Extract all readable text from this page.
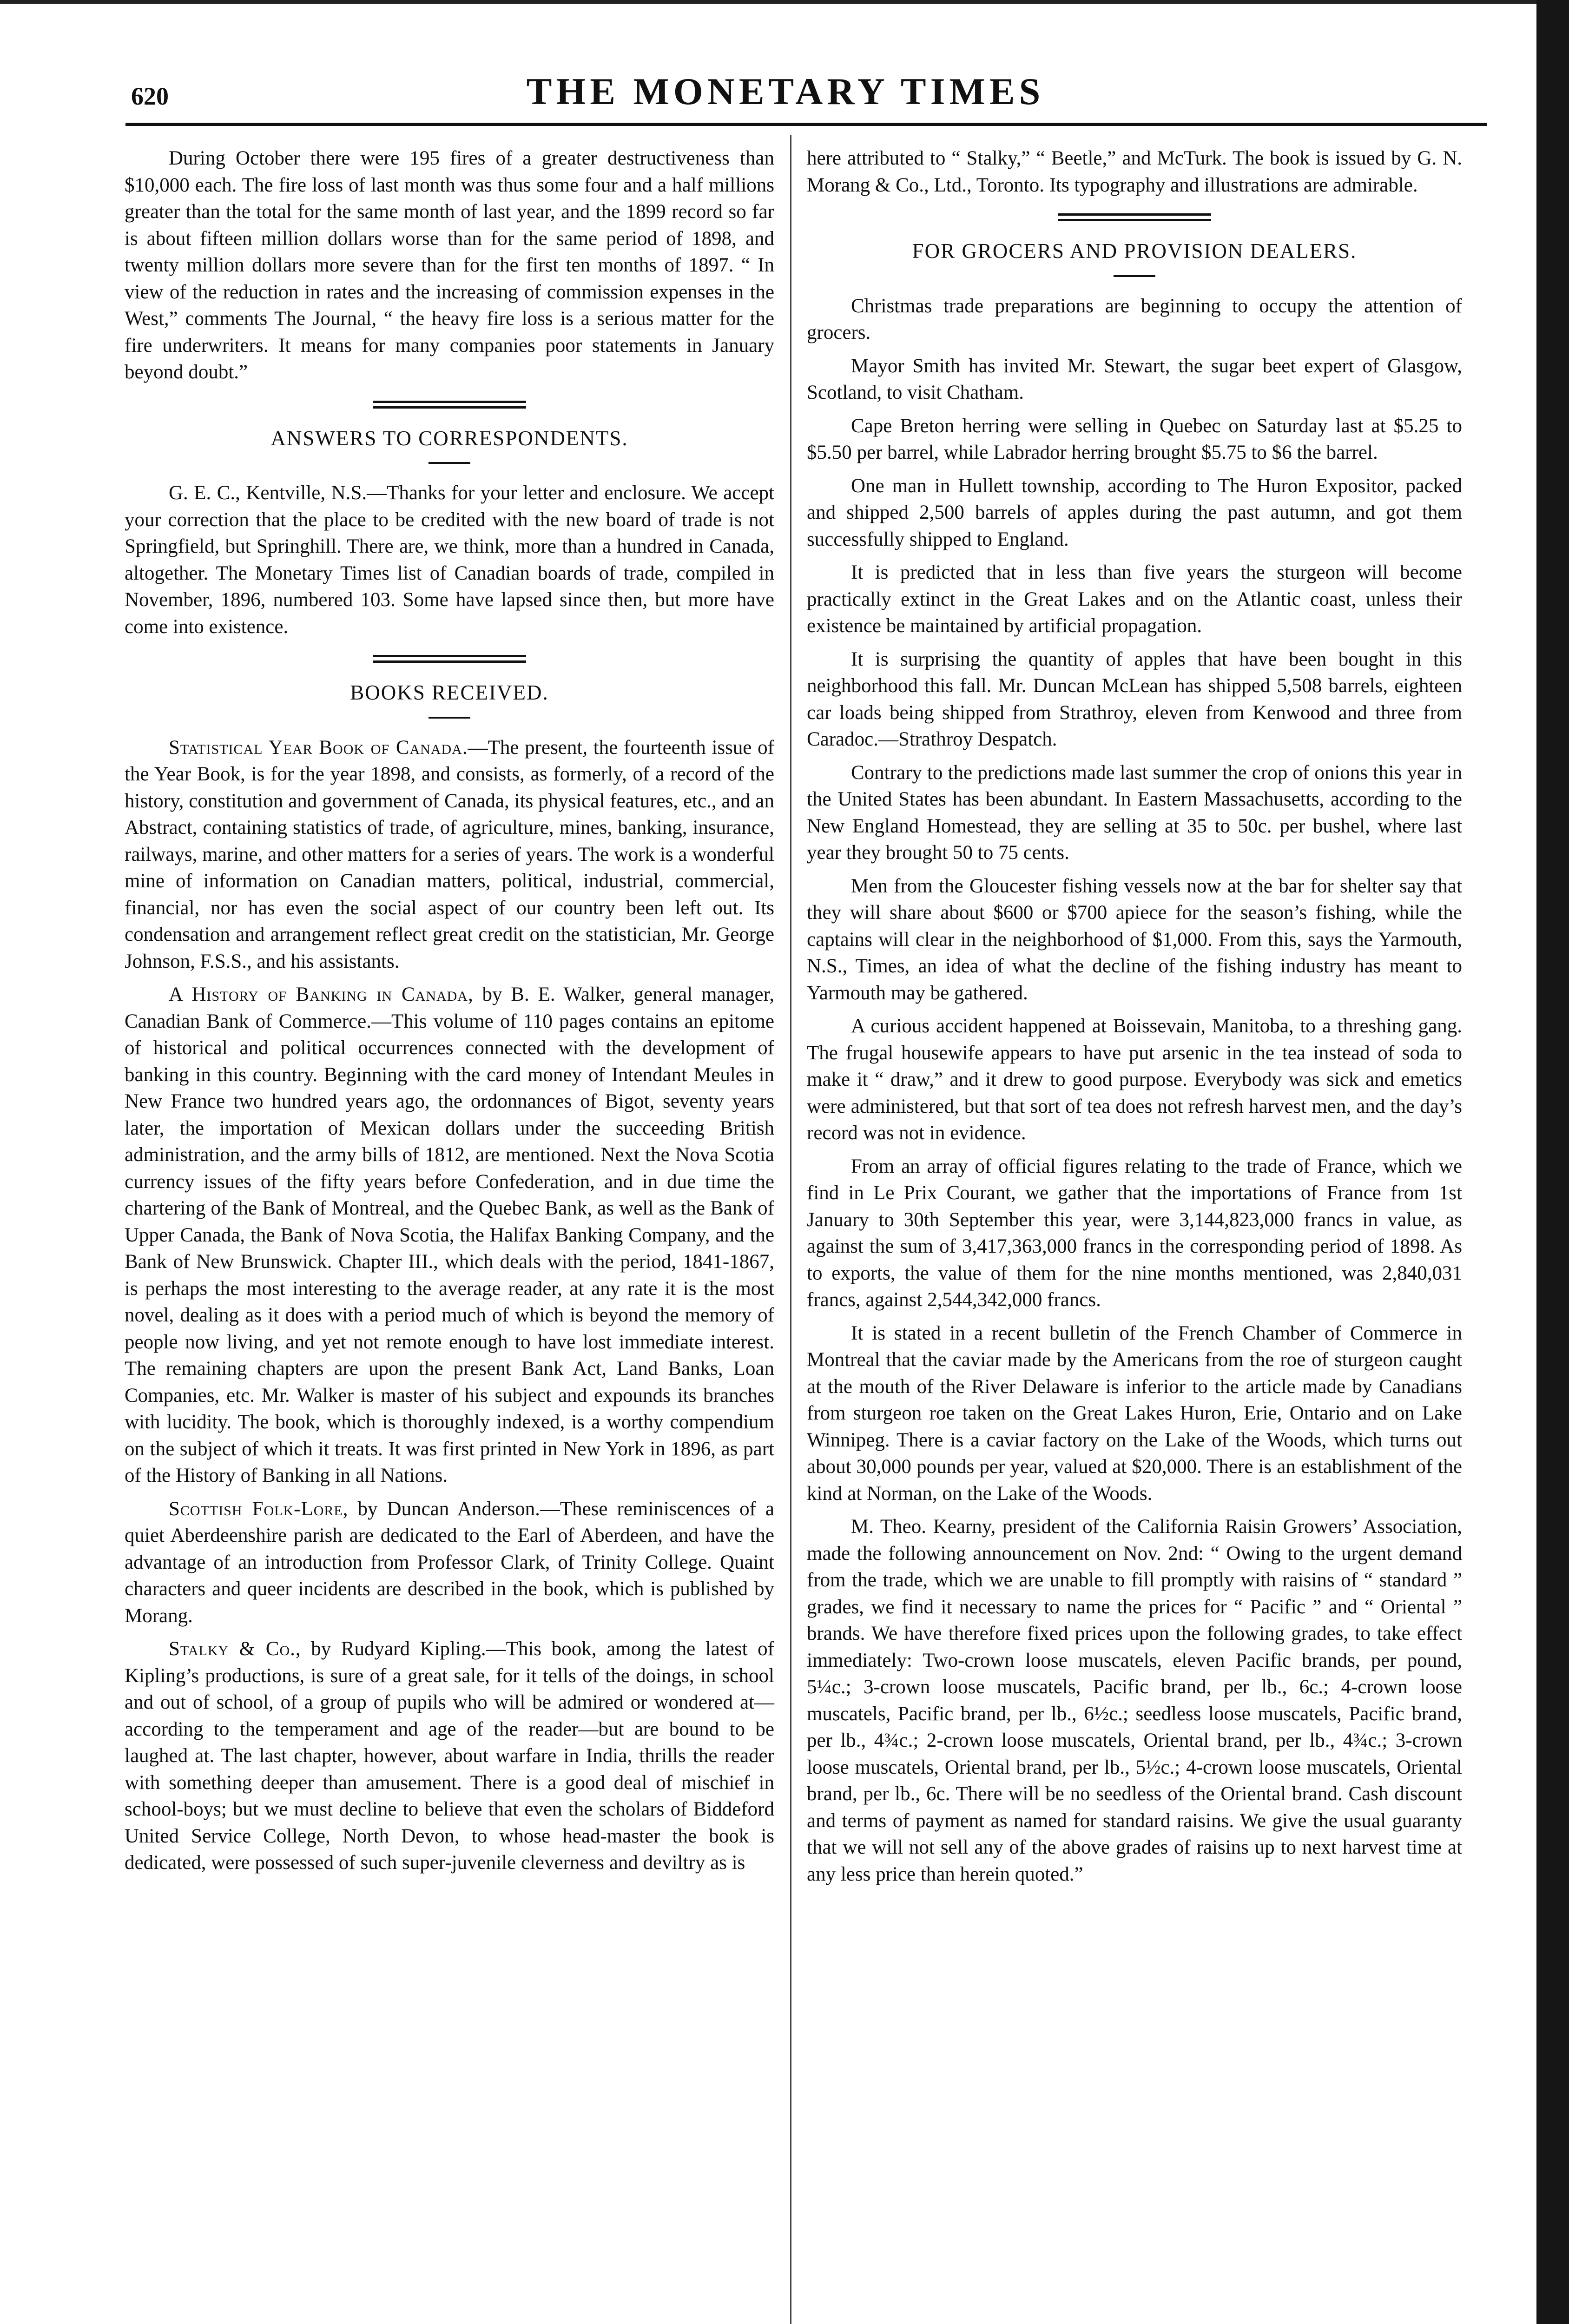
620	THE MONETARY TIMES

During October there were 195 fires of a greater destructiveness than $10,000 each. The fire loss of last month was thus some four and a half millions greater than the total for the same month of last year, and the 1899 record so far is about fifteen million dollars worse than for the same period of 1898, and twenty million dollars more severe than for the first ten months of 1897. “ In view of the reduction in rates and the increasing of commission expenses in the West,” comments The Journal, “ the heavy fire loss is a serious matter for the fire underwriters. It means for many companies poor statements in January beyond doubt.”

ANSWERS TO CORRESPONDENTS.

G. E. C., Kentville, N.S.—Thanks for your letter and enclosure. We accept your correction that the place to be credited with the new board of trade is not Springfield, but Springhill. There are, we think, more than a hundred in Canada, altogether. The Monetary Times list of Canadian boards of trade, compiled in November, 1896, numbered 103. Some have lapsed since then, but more have come into existence.

BOOKS RECEIVED.

Statistical Year Book of Canada.—The present, the fourteenth issue of the Year Book, is for the year 1898, and consists, as formerly, of a record of the history, constitution and government of Canada, its physical features, etc., and an Abstract, containing statistics of trade, of agriculture, mines, banking, insurance, railways, marine, and other matters for a series of years. The work is a wonderful mine of information on Canadian matters, political, industrial, commercial, financial, nor has even the social aspect of our country been left out. Its condensation and arrangement reflect great credit on the statistician, Mr. George Johnson, F.S.S., and his assistants.

A History of Banking in Canada, by B. E. Walker, general manager, Canadian Bank of Commerce.—This volume of 110 pages contains an epitome of historical and political occurrences connected with the development of banking in this country. Beginning with the card money of Intendant Meules in New France two hundred years ago, the ordonnances of Bigot, seventy years later, the importation of Mexican dollars under the succeeding British administration, and the army bills of 1812, are mentioned. Next the Nova Scotia currency issues of the fifty years before Confederation, and in due time the chartering of the Bank of Montreal, and the Quebec Bank, as well as the Bank of Upper Canada, the Bank of Nova Scotia, the Halifax Banking Company, and the Bank of New Brunswick. Chapter III., which deals with the period, 1841-1867, is perhaps the most interesting to the average reader, at any rate it is the most novel, dealing as it does with a period much of which is beyond the memory of people now living, and yet not remote enough to have lost immediate interest. The remaining chapters are upon the present Bank Act, Land Banks, Loan Companies, etc. Mr. Walker is master of his subject and expounds its branches with lucidity. The book, which is thoroughly indexed, is a worthy compendium on the subject of which it treats. It was first printed in New York in 1896, as part of the History of Banking in all Nations.

Scottish Folk-Lore, by Duncan Anderson.—These reminiscences of a quiet Aberdeenshire parish are dedicated to the Earl of Aberdeen, and have the advantage of an introduction from Professor Clark, of Trinity College. Quaint characters and queer incidents are described in the book, which is published by Morang.

Stalky & Co., by Rudyard Kipling.—This book, among the latest of Kipling’s productions, is sure of a great sale, for it tells of the doings, in school and out of school, of a group of pupils who will be admired or wondered at—according to the temperament and age of the reader—but are bound to be laughed at. The last chapter, however, about warfare in India, thrills the reader with something deeper than amusement. There is a good deal of mischief in school-boys; but we must decline to believe that even the scholars of Biddeford United Service College, North Devon, to whose head-master the book is dedicated, were possessed of such super-juvenile cleverness and deviltry as is

here attributed to “ Stalky,” “ Beetle,” and McTurk. The book is issued by G. N. Morang & Co., Ltd., Toronto. Its typography and illustrations are admirable.

FOR GROCERS AND PROVISION DEALERS.

Christmas trade preparations are beginning to occupy the attention of grocers.

Mayor Smith has invited Mr. Stewart, the sugar beet expert of Glasgow, Scotland, to visit Chatham.

Cape Breton herring were selling in Quebec on Saturday last at $5.25 to $5.50 per barrel, while Labrador herring brought $5.75 to $6 the barrel.

One man in Hullett township, according to The Huron Expositor, packed and shipped 2,500 barrels of apples during the past autumn, and got them successfully shipped to England.

It is predicted that in less than five years the sturgeon will become practically extinct in the Great Lakes and on the Atlantic coast, unless their existence be maintained by artificial propagation.

It is surprising the quantity of apples that have been bought in this neighborhood this fall. Mr. Duncan McLean has shipped 5,508 barrels, eighteen car loads being shipped from Strathroy, eleven from Kenwood and three from Caradoc.—Strathroy Despatch.

Contrary to the predictions made last summer the crop of onions this year in the United States has been abundant. In Eastern Massachusetts, according to the New England Homestead, they are selling at 35 to 50c. per bushel, where last year they brought 50 to 75 cents.

Men from the Gloucester fishing vessels now at the bar for shelter say that they will share about $600 or $700 apiece for the season’s fishing, while the captains will clear in the neighborhood of $1,000. From this, says the Yarmouth, N.S., Times, an idea of what the decline of the fishing industry has meant to Yarmouth may be gathered.

A curious accident happened at Boissevain, Manitoba, to a threshing gang. The frugal housewife appears to have put arsenic in the tea instead of soda to make it “ draw,” and it drew to good purpose. Everybody was sick and emetics were administered, but that sort of tea does not refresh harvest men, and the day’s record was not in evidence.

From an array of official figures relating to the trade of France, which we find in Le Prix Courant, we gather that the importations of France from 1st January to 30th September this year, were 3,144,823,000 francs in value, as against the sum of 3,417,363,000 francs in the corresponding period of 1898. As to exports, the value of them for the nine months mentioned, was 2,840,031 francs, against 2,544,342,000 francs.

It is stated in a recent bulletin of the French Chamber of Commerce in Montreal that the caviar made by the Americans from the roe of sturgeon caught at the mouth of the River Delaware is inferior to the article made by Canadians from sturgeon roe taken on the Great Lakes Huron, Erie, Ontario and on Lake Winnipeg. There is a caviar factory on the Lake of the Woods, which turns out about 30,000 pounds per year, valued at $20,000. There is an establishment of the kind at Norman, on the Lake of the Woods.

M. Theo. Kearny, president of the California Raisin Growers’ Association, made the following announcement on Nov. 2nd: “ Owing to the urgent demand from the trade, which we are unable to fill promptly with raisins of “ standard ” grades, we find it necessary to name the prices for “ Pacific ” and “ Oriental ” brands. We have therefore fixed prices upon the following grades, to take effect immediately: Two-crown loose muscatels, eleven Pacific brands, per pound, 5¼c.; 3-crown loose muscatels, Pacific brand, per lb., 6c.; 4-crown loose muscatels, Pacific brand, per lb., 6½c.; seedless loose muscatels, Pacific brand, per lb., 4¾c.; 2-crown loose muscatels, Oriental brand, per lb., 4¾c.; 3-crown loose muscatels, Oriental brand, per lb., 5½c.; 4-crown loose muscatels, Oriental brand, per lb., 6c. There will be no seedless of the Oriental brand. Cash discount and terms of payment as named for standard raisins. We give the usual guaranty that we will not sell any of the above grades of raisins up to next harvest time at any less price than herein quoted.”
